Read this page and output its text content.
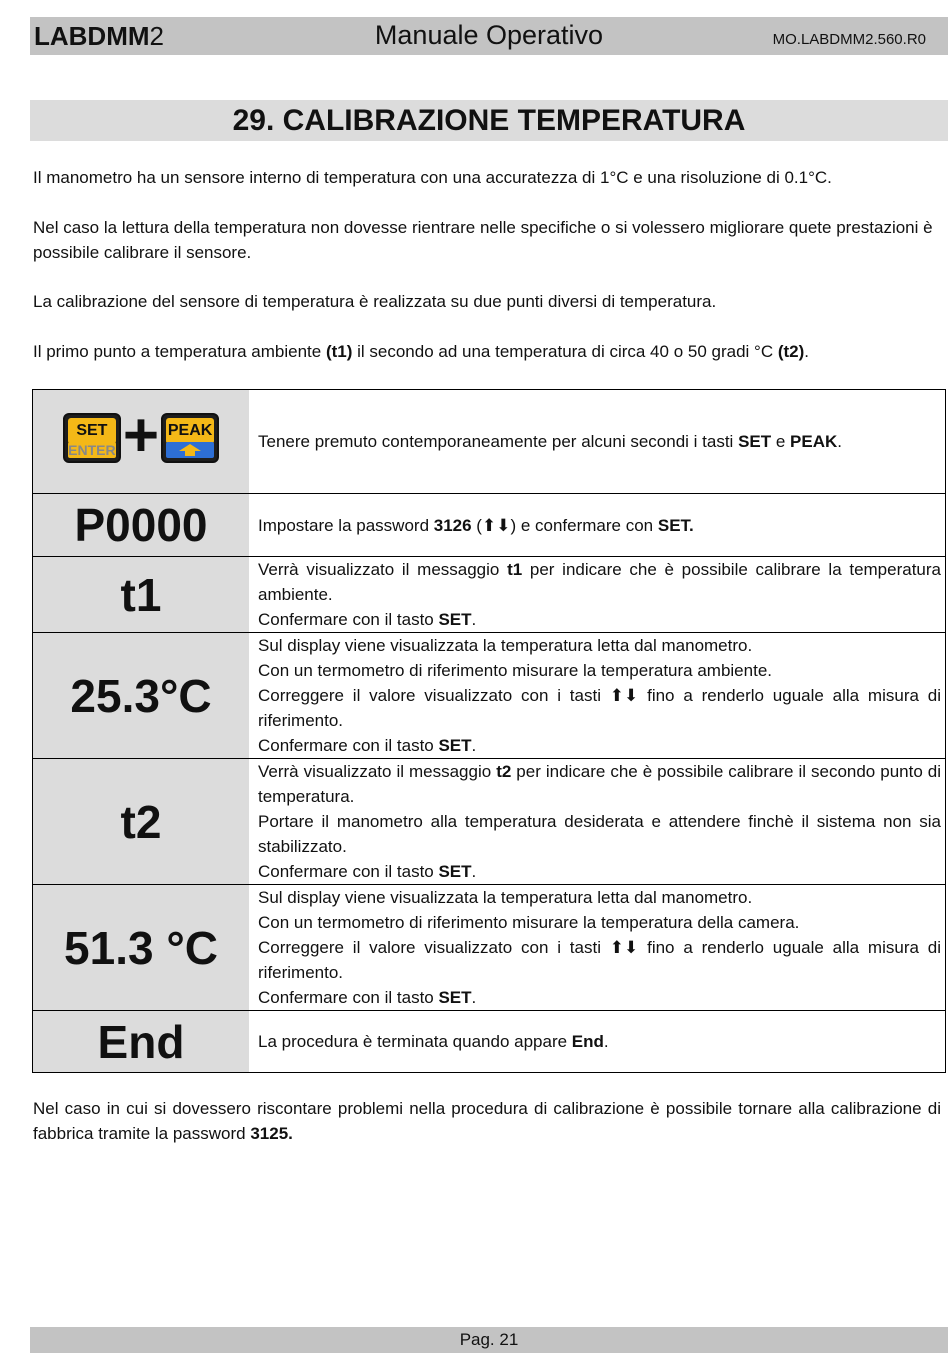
LABDMM2	Manuale Operativo	MO.LABDMM2.560.R0
29. CALIBRAZIONE TEMPERATURA

Il manometro ha un sensore interno di temperatura con una accuratezza di 1°C e una risoluzione di 0.1°C.

Nel caso la lettura della temperatura non dovesse rientrare nelle specifiche o si volessero migliorare quete prestazioni è possibile calibrare il sensore.

La calibrazione del sensore di temperatura è realizzata su due punti diversi di temperatura.

Il primo punto a temperatura ambiente (t1) il secondo ad una temperatura di circa 40 o 50 gradi °C (t2).

SET
ENTER + PEAK	Tenere premuto contemporaneamente per alcuni secondi i tasti SET e PEAK.

P0000	Impostare la password 3126 (⬆⬇) e confermare con SET.

t1	Verrà visualizzato il messaggio t1 per indicare che è possibile calibrare la temperatura ambiente.
Confermare con il tasto SET.

25.3°C	Sul display viene visualizzata la temperatura letta dal manometro.
Con un termometro di riferimento misurare la temperatura ambiente.
Correggere il valore visualizzato con i tasti ⬆⬇ fino a renderlo uguale alla misura di riferimento.
Confermare con il tasto SET.

t2	Verrà visualizzato il messaggio t2 per indicare che è possibile calibrare il secondo punto di temperatura.
Portare il manometro alla temperatura desiderata e attendere finchè il sistema non sia stabilizzato.
Confermare con il tasto SET.

51.3 °C	Sul display viene visualizzata la temperatura letta dal manometro.
Con un termometro di riferimento misurare la temperatura della camera.
Correggere il valore visualizzato con i tasti ⬆⬇ fino a renderlo uguale alla misura di riferimento.
Confermare con il tasto SET.

End	La procedura è terminata quando appare End.

Nel caso in cui si dovessero riscontare problemi nella procedura di calibrazione è possibile tornare alla calibrazione di fabbrica tramite la password 3125.

Pag. 21
